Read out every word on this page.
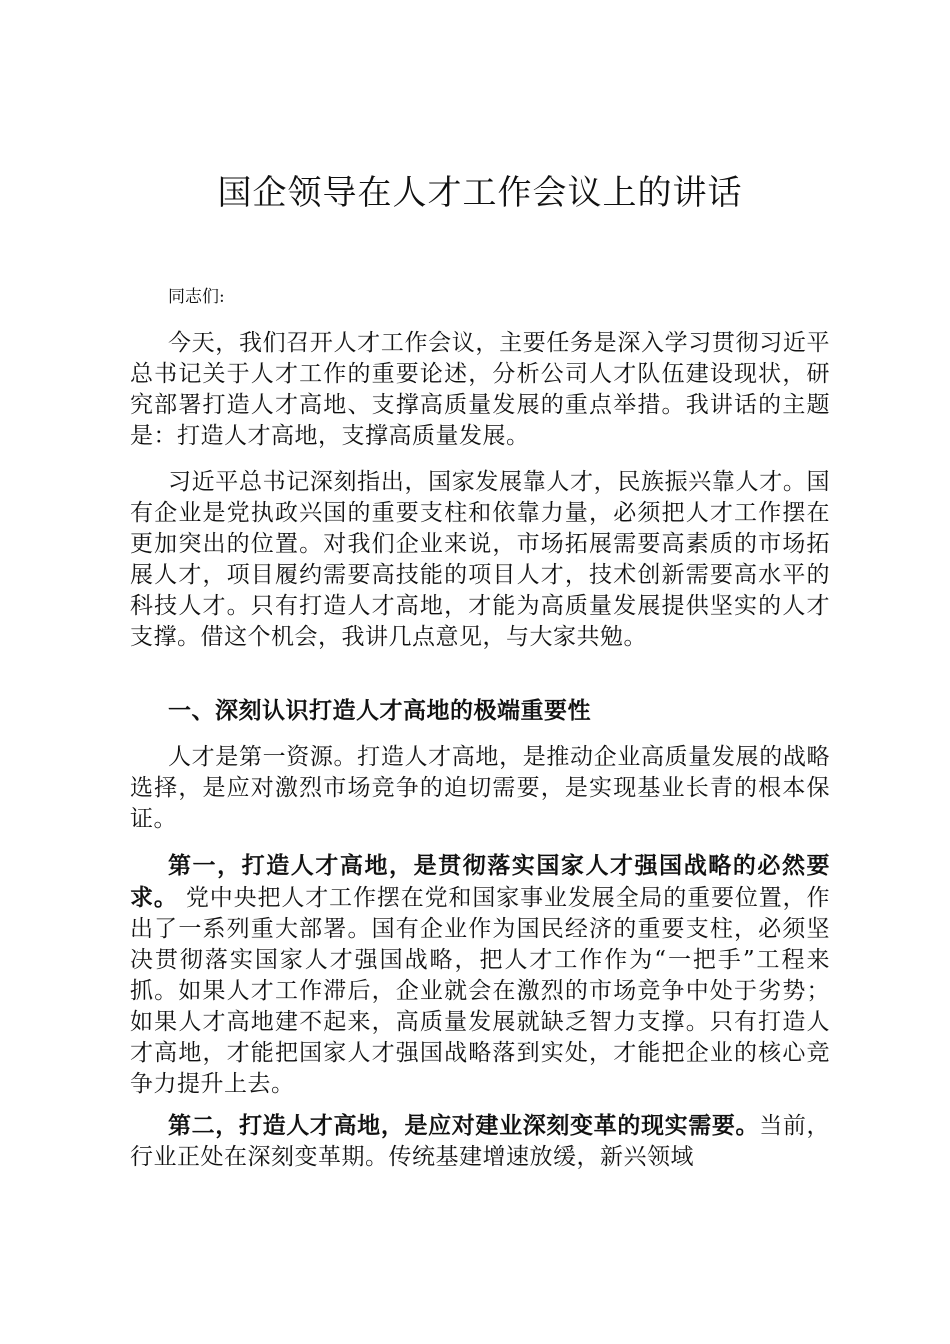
国企领导在人才工作会议上的讲话

同志们:

今天，我们召开人才工作会议，主要任务是深入学习贯彻习近平总书记关于人才工作的重要论述，分析公司人才队伍建设现状，研究部署打造人才高地、支撑高质量发展的重点举措。我讲话的主题是：打造人才高地，支撑高质量发展。

习近平总书记深刻指出，国家发展靠人才，民族振兴靠人才。国有企业是党执政兴国的重要支柱和依靠力量，必须把人才工作摆在更加突出的位置。对我们企业来说，市场拓展需要高素质的市场拓展人才，项目履约需要高技能的项目人才，技术创新需要高水平的科技人才。只有打造人才高地，才能为高质量发展提供坚实的人才支撑。借这个机会，我讲几点意见，与大家共勉。

一、深刻认识打造人才高地的极端重要性

人才是第一资源。打造人才高地，是推动企业高质量发展的战略选择，是应对激烈市场竞争的迫切需要，是实现基业长青的根本保证。

第一，打造人才高地，是贯彻落实国家人才强国战略的必然要求。 党中央把人才工作摆在党和国家事业发展全局的重要位置，作出了一系列重大部署。国有企业作为国民经济的重要支柱，必须坚决贯彻落实国家人才强国战略，把人才工作作为“一把手”工程来抓。如果人才工作滞后，企业就会在激烈的市场竞争中处于劣势；如果人才高地建不起来，高质量发展就缺乏智力支撑。只有打造人才高地，才能把国家人才强国战略落到实处，才能把企业的核心竞争力提升上去。

第二，打造人才高地，是应对建业深刻变革的现实需要。当前，行业正处在深刻变革期。传统基建增速放缓，新兴领域
